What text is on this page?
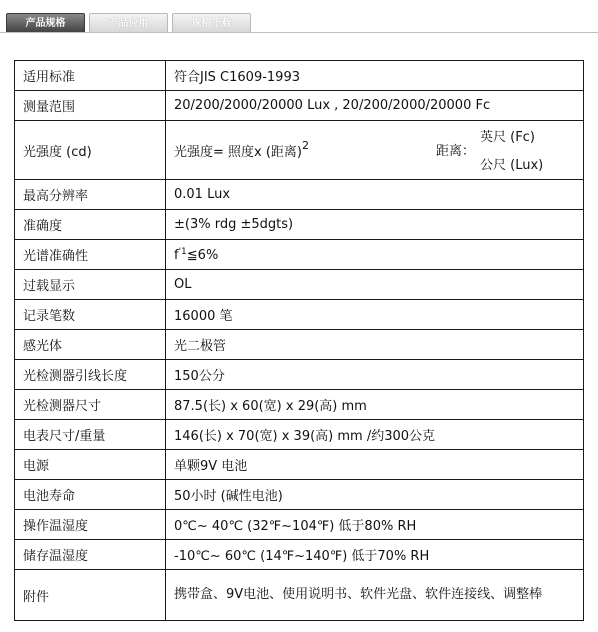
产品规格	产品应用	规格下载
适用标准	符合JIS C1609-1993
测量范围	20/200/2000/20000 Lux , 20/200/2000/20000 Fc
光强度 (cd)	光强度= 照度x (距离)$^2$ 距离：
英尺 (Fc)
公尺 (Lux)

最高分辨率	0.01 Lux
准确度	±(3% rdg ±5dgts)
光谱准确性	$f^{'1}≦6\%$
过载显示	OL
记录笔数	16000 笔
感光体	光二极管
光检测器引线长度	150公分
光检测器尺寸	87.5(长) x 60(宽) x 29(高) mm
电表尺寸/重量	146(长) x 70(宽) x 39(高) mm /约300公克
电源	单颗9V 电池
电池寿命	50小时 (碱性电池)
操作温湿度	0℃~ 40℃ (32℉~104℉) 低于80% RH
储存温湿度	-10℃~ 60℃ (14℉~140℉) 低于70% RH
附件	携带盒、9V电池、使用说明书、软件光盘、软件连接线、调整棒
